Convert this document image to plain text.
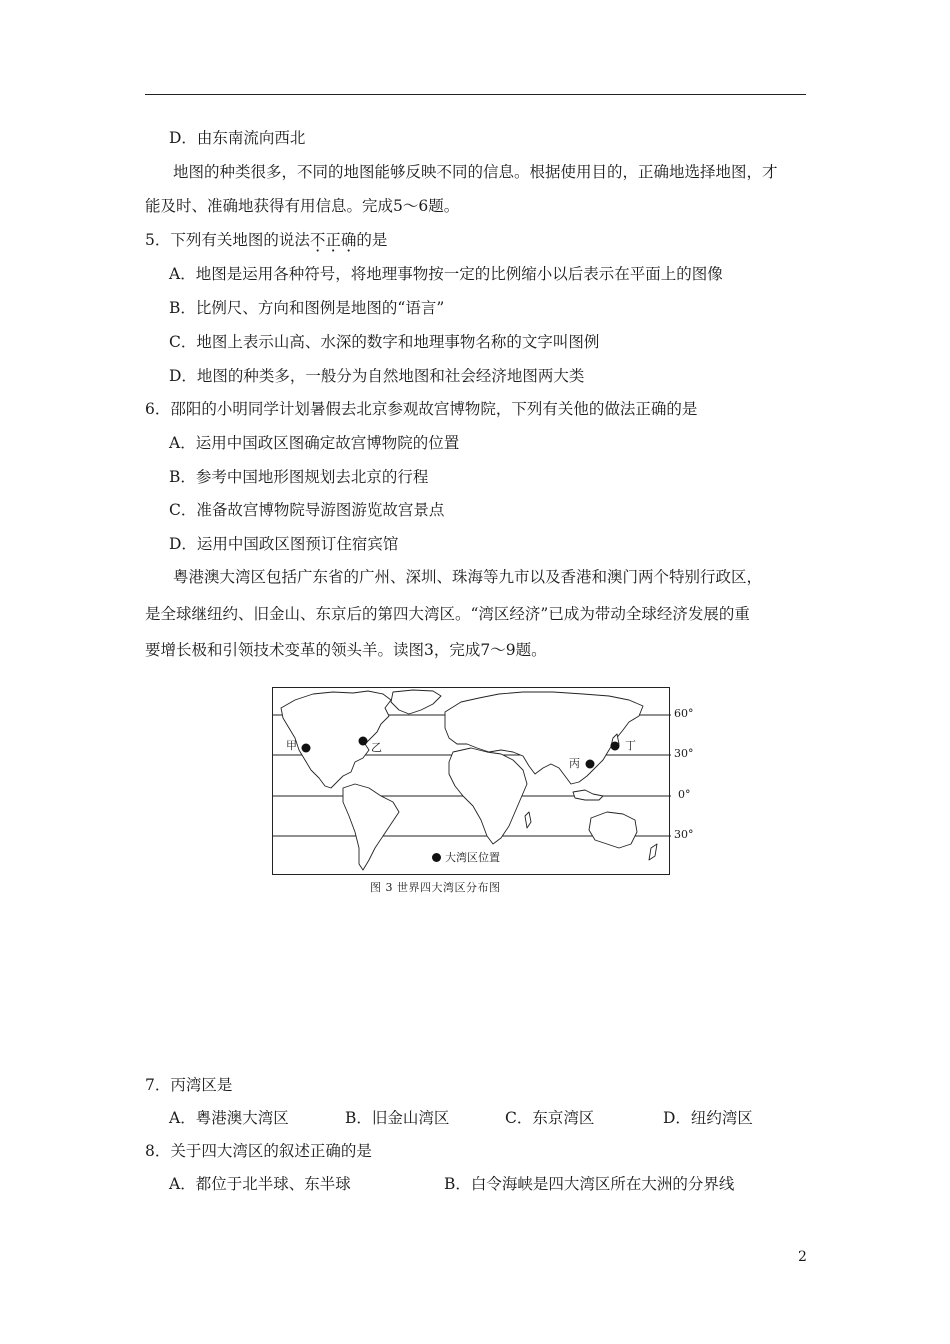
D．由东南流向西北
地图的种类很多，不同的地图能够反映不同的信息。根据使用目的，正确地选择地图，才
能及时、准确地获得有用信息。完成5～6题。
5．下列有关地图的说法不正确的是
A．地图是运用各种符号，将地理事物按一定的比例缩小以后表示在平面上的图像
B．比例尺、方向和图例是地图的“语言”
C．地图上表示山高、水深的数字和地理事物名称的文字叫图例
D．地图的种类多，一般分为自然地图和社会经济地图两大类
6．邵阳的小明同学计划暑假去北京参观故宫博物院，下列有关他的做法正确的是
A．运用中国政区图确定故宫博物院的位置
B．参考中国地形图规划去北京的行程
C．准备故宫博物院导游图游览故宫景点
D．运用中国政区图预订住宿宾馆
粤港澳大湾区包括广东省的广州、深圳、珠海等九市以及香港和澳门两个特别行政区，
是全球继纽约、旧金山、东京后的第四大湾区。“湾区经济”已成为带动全球经济发展的重
要增长极和引领技术变革的领头羊。读图3，完成7～9题。
甲	乙
丙
丁
60°
30°
0°
30°
大湾区位置
图 3 世界四大湾区分布图
7．丙湾区是
A．粤港澳大湾区	B．旧金山湾区	C．东京湾区	D．纽约湾区
8．关于四大湾区的叙述正确的是
A．都位于北半球、东半球	B．白令海峡是四大湾区所在大洲的分界线
2
